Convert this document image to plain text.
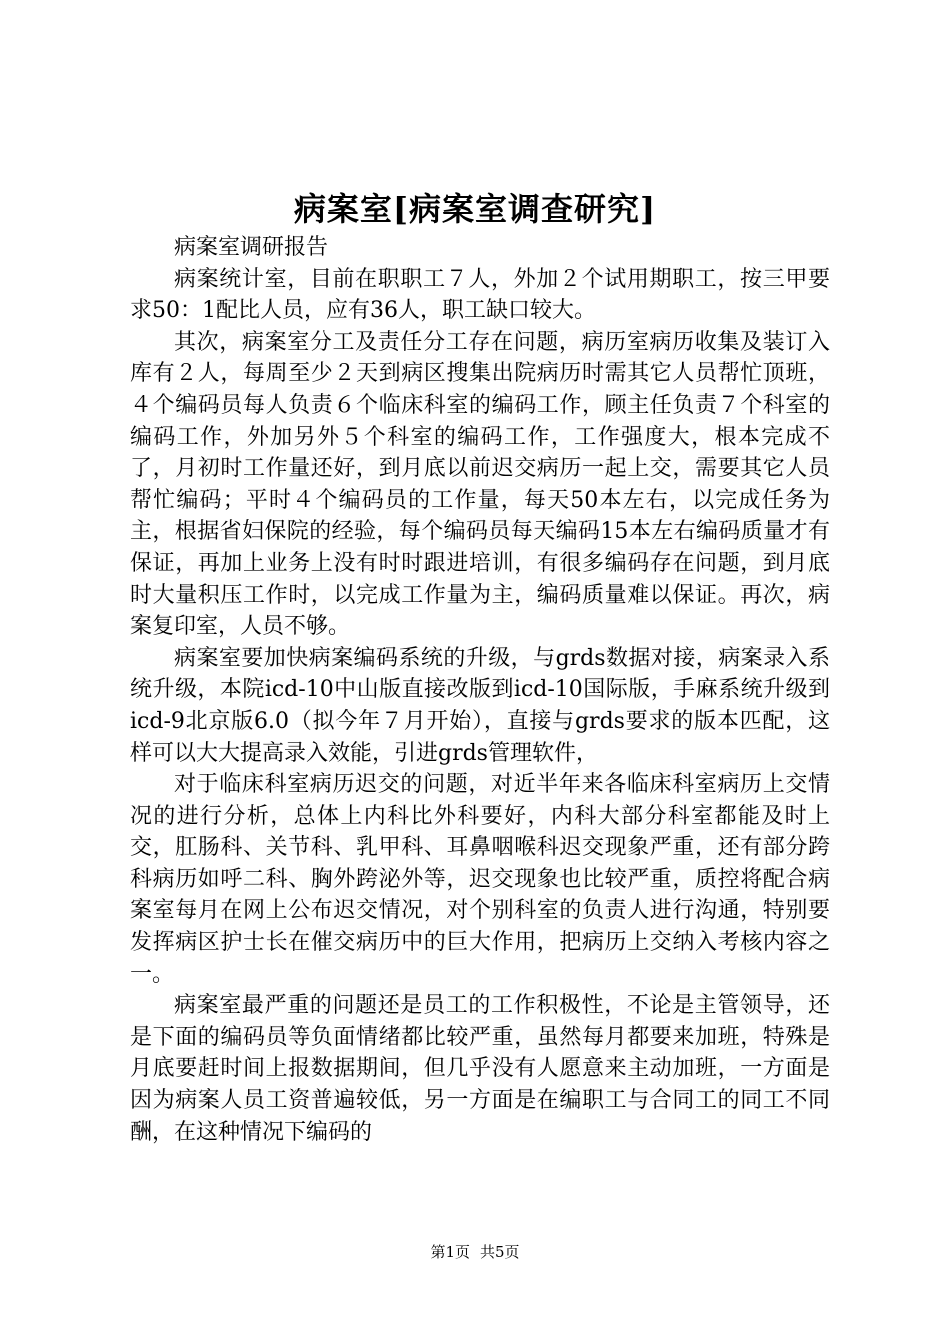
病案室[病案室调查研究]

病案室调研报告

病案统计室，目前在职职工７人，外加２个试用期职工，按三甲要求50：1配比人员，应有36人，职工缺口较大。

其次，病案室分工及责任分工存在问题，病历室病历收集及装订入库有２人，每周至少２天到病区搜集出院病历时需其它人员帮忙顶班，４个编码员每人负责６个临床科室的编码工作，顾主任负责７个科室的编码工作，外加另外５个科室的编码工作，工作强度大，根本完成不了，月初时工作量还好，到月底以前迟交病历一起上交，需要其它人员帮忙编码；平时４个编码员的工作量，每天50本左右，以完成任务为主，根据省妇保院的经验，每个编码员每天编码15本左右编码质量才有保证，再加上业务上没有时时跟进培训，有很多编码存在问题，到月底时大量积压工作时，以完成工作量为主，编码质量难以保证。再次，病案复印室，人员不够。

病案室要加快病案编码系统的升级，与grds数据对接，病案录入系统升级，本院icd-10中山版直接改版到icd-10国际版，手麻系统升级到icd-9北京版6.0（拟今年７月开始），直接与grds要求的版本匹配，这样可以大大提高录入效能，引进grds管理软件，

对于临床科室病历迟交的问题，对近半年来各临床科室病历上交情况的进行分析，总体上内科比外科要好，内科大部分科室都能及时上交，肛肠科、关节科、乳甲科、耳鼻咽喉科迟交现象严重，还有部分跨科病历如呼二科、胸外跨泌外等，迟交现象也比较严重，质控将配合病案室每月在网上公布迟交情况，对个别科室的负责人进行沟通，特别要发挥病区护士长在催交病历中的巨大作用，把病历上交纳入考核内容之一。

病案室最严重的问题还是员工的工作积极性，不论是主管领导，还是下面的编码员等负面情绪都比较严重，虽然每月都要来加班，特殊是月底要赶时间上报数据期间，但几乎没有人愿意来主动加班，一方面是因为病案人员工资普遍较低，另一方面是在编职工与合同工的同工不同酬，在这种情况下编码的

第1页 共5页
